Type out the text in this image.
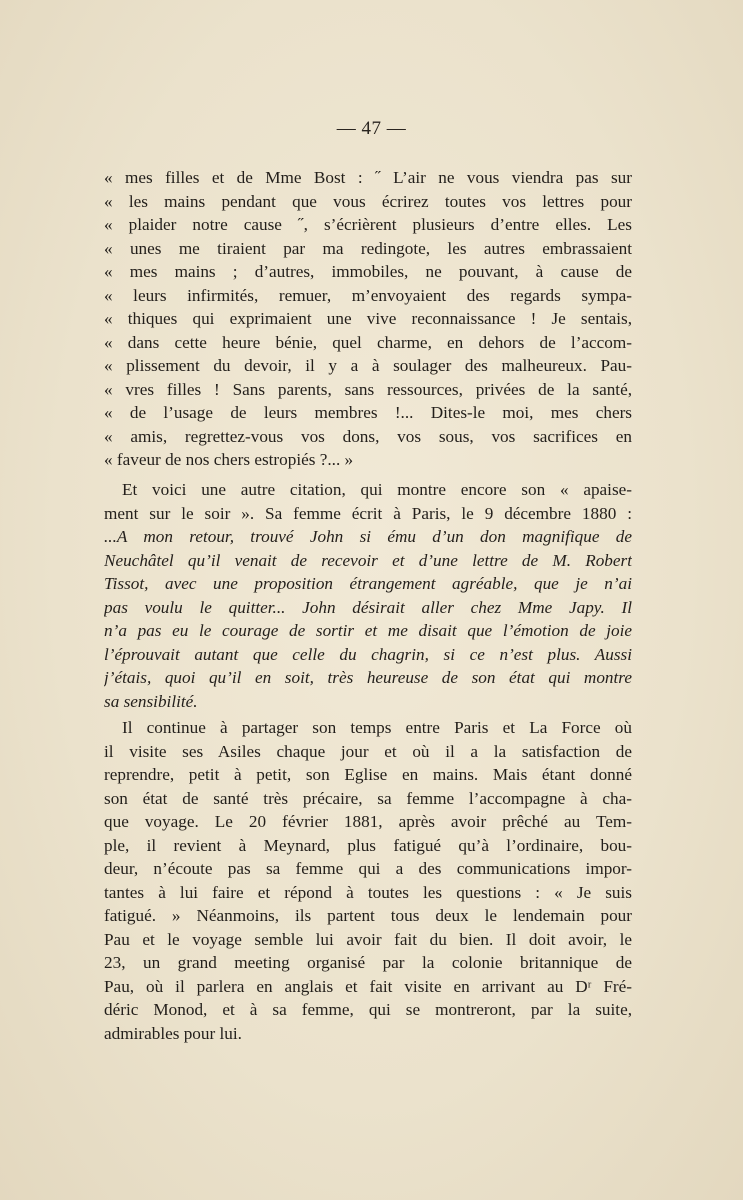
— 47 —
« mes filles et de Mme Bost : ˝ L’air ne vous viendra pas sur
« les mains pendant que vous écrirez toutes vos lettres pour
« plaider notre cause ˝, s’écrièrent plusieurs d’entre elles. Les
« unes me tiraient par ma redingote, les autres embrassaient
« mes mains ; d’autres, immobiles, ne pouvant, à cause de
« leurs infirmités, remuer, m’envoyaient des regards sympa-
« thiques qui exprimaient une vive reconnaissance ! Je sentais,
« dans cette heure bénie, quel charme, en dehors de l’accom-
« plissement du devoir, il y a à soulager des malheureux. Pau-
« vres filles ! Sans parents, sans ressources, privées de la santé,
« de l’usage de leurs membres !... Dites-le moi, mes chers
« amis, regrettez-vous vos dons, vos sous, vos sacrifices en
« faveur de nos chers estropiés ?... »
Et voici une autre citation, qui montre encore son « apaise-
ment sur le soir ». Sa femme écrit à Paris, le 9 décembre 1880 :
...A mon retour, trouvé John si ému d’un don magnifique de
Neuchâtel qu’il venait de recevoir et d’une lettre de M. Robert
Tissot, avec une proposition étrangement agréable, que je n’ai
pas voulu le quitter... John désirait aller chez Mme Japy. Il
n’a pas eu le courage de sortir et me disait que l’émotion de joie
l’éprouvait autant que celle du chagrin, si ce n’est plus. Aussi
j’étais, quoi qu’il en soit, très heureuse de son état qui montre
sa sensibilité.
Il continue à partager son temps entre Paris et La Force où
il visite ses Asiles chaque jour et où il a la satisfaction de
reprendre, petit à petit, son Eglise en mains. Mais étant donné
son état de santé très précaire, sa femme l’accompagne à cha-
que voyage. Le 20 février 1881, après avoir prêché au Tem-
ple, il revient à Meynard, plus fatigué qu’à l’ordinaire, bou-
deur, n’écoute pas sa femme qui a des communications impor-
tantes à lui faire et répond à toutes les questions : « Je suis
fatigué. » Néanmoins, ils partent tous deux le lendemain pour
Pau et le voyage semble lui avoir fait du bien. Il doit avoir, le
23, un grand meeting organisé par la colonie britannique de
Pau, où il parlera en anglais et fait visite en arrivant au Dʳ Fré-
déric Monod, et à sa femme, qui se montreront, par la suite,
admirables pour lui.
